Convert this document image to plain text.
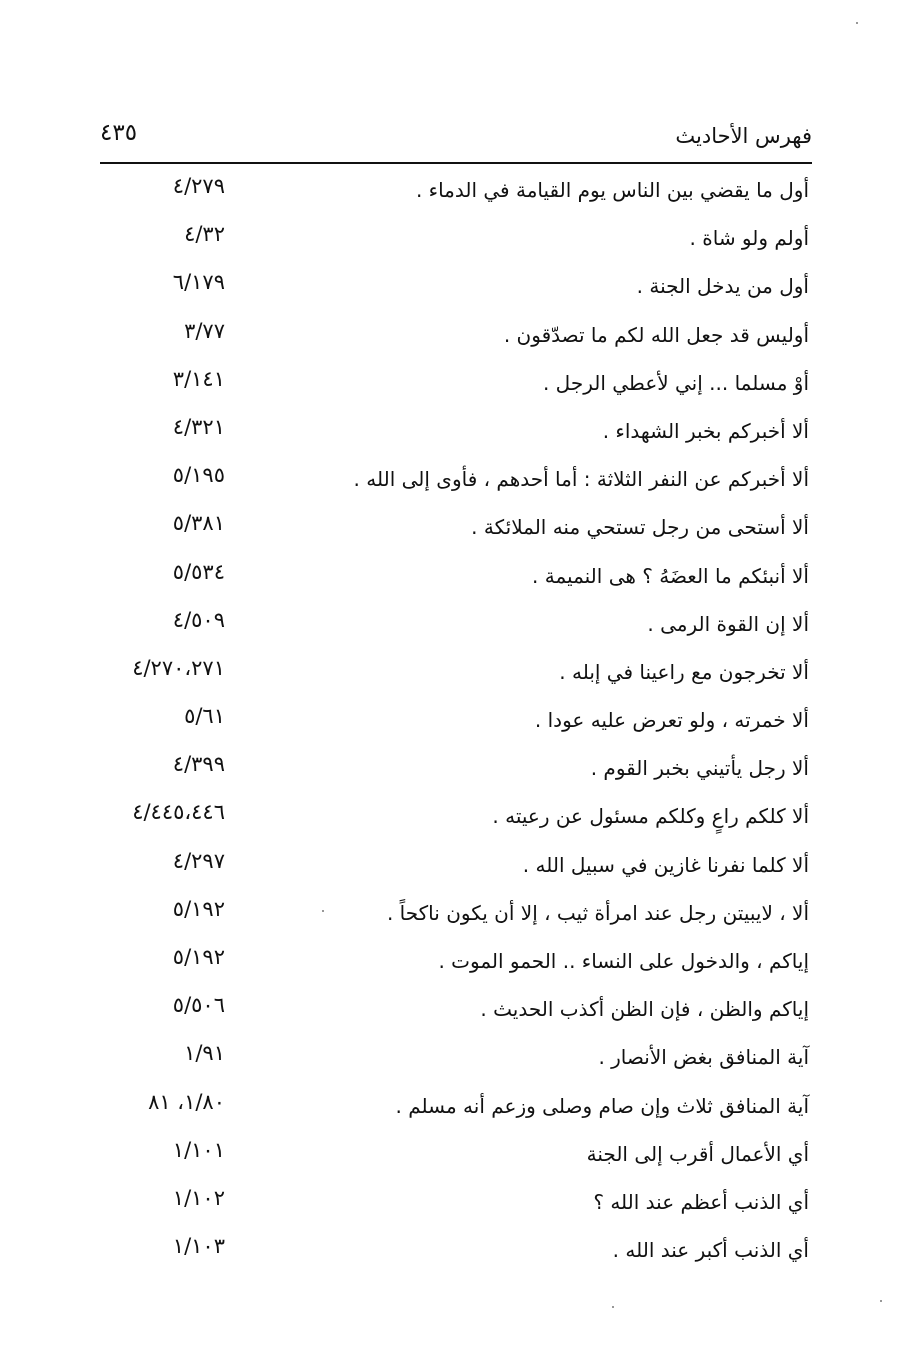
٤٣٥	فهرس الأحاديث
أول ما يقضي بين الناس يوم القيامة في الدماء .
٤/٢٧٩
أولم ولو شاة .
٤/٣٢
أول من يدخل الجنة .
٦/١٧٩
أوليس قد جعل الله لكم ما تصدّقون .
٣/٧٧
أوْ مسلما ... إني لأعطي الرجل .
٣/١٤١
ألا أخبركم بخبر الشهداء .
٤/٣٢١
ألا أخبركم عن النفر الثلاثة : أما أحدهم ، فأوى إلى الله .
٥/١٩٥
ألا أستحى من رجل تستحي منه الملائكة .
٥/٣٨١
ألا أنبئكم ما العضَهُ ؟ هى النميمة .
٥/٥٣٤
ألا إن القوة الرمى .
٤/٥٠٩
ألا تخرجون مع راعينا في إبله .
٤/٢٧٠،٢٧١
ألا خمرته ، ولو تعرض عليه عودا .
٥/٦١
ألا رجل يأتيني بخبر القوم .
٤/٣٩٩
ألا كلكم راعٍ وكلكم مسئول عن رعيته .
٤/٤٤٥،٤٤٦
ألا كلما نفرنا غازين في سبيل الله .
٤/٢٩٧
ألا ، لايبيتن رجل عند امرأة ثيب ، إلا أن يكون ناكحاً .
٥/١٩٢
إياكم ، والدخول على النساء .. الحمو الموت .
٥/١٩٢
إياكم والظن ، فإن الظن أكذب الحديث .
٥/٥٠٦
آية المنافق بغض الأنصار .
١/٩١
آية المنافق ثلاث وإن صام وصلى وزعم أنه مسلم .
١/٨٠، ٨١
أي الأعمال أقرب إلى الجنة
١/١٠١
أي الذنب أعظم عند الله ؟
١/١٠٢
أي الذنب أكبر عند الله .
١/١٠٣
